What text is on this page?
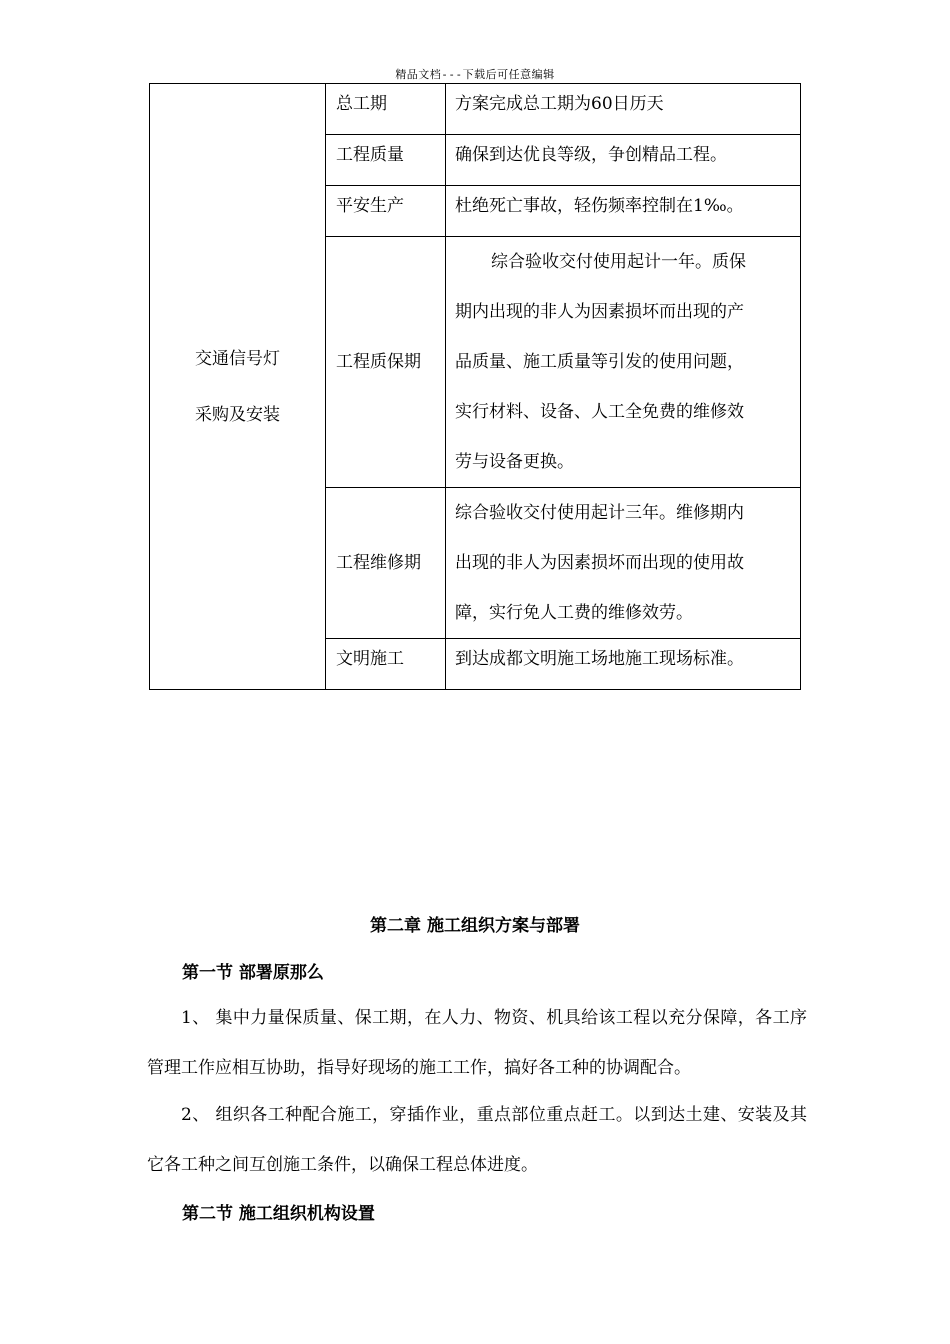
精品文档---下载后可任意编辑
交通信号灯
采购及安装	总工期	方案完成总工期为60日历天
	工程质量	确保到达优良等级，争创精品工程。
	平安生产	杜绝死亡事故，轻伤频率控制在1‰。
	工程质保期	综合验收交付使用起计一年。质保
期内出现的非人为因素损坏而出现的产
品质量、施工质量等引发的使用问题，
实行材料、设备、人工全免费的维修效
劳与设备更换。

	工程维修期	综合验收交付使用起计三年。维修期内
出现的非人为因素损坏而出现的使用故
障，实行免人工费的维修效劳。

	文明施工	到达成都文明施工场地施工现场标准。
第二章 施工组织方案与部署
第一节 部署原那么
1、 集中力量保质量、保工期，在人力、物资、机具给该工程以充分保障，各工序管理工作应相互协助，指导好现场的施工工作，搞好各工种的协调配合。
2、 组织各工种配合施工，穿插作业，重点部位重点赶工。以到达土建、安装及其它各工种之间互创施工条件，以确保工程总体进度。
第二节 施工组织机构设置
